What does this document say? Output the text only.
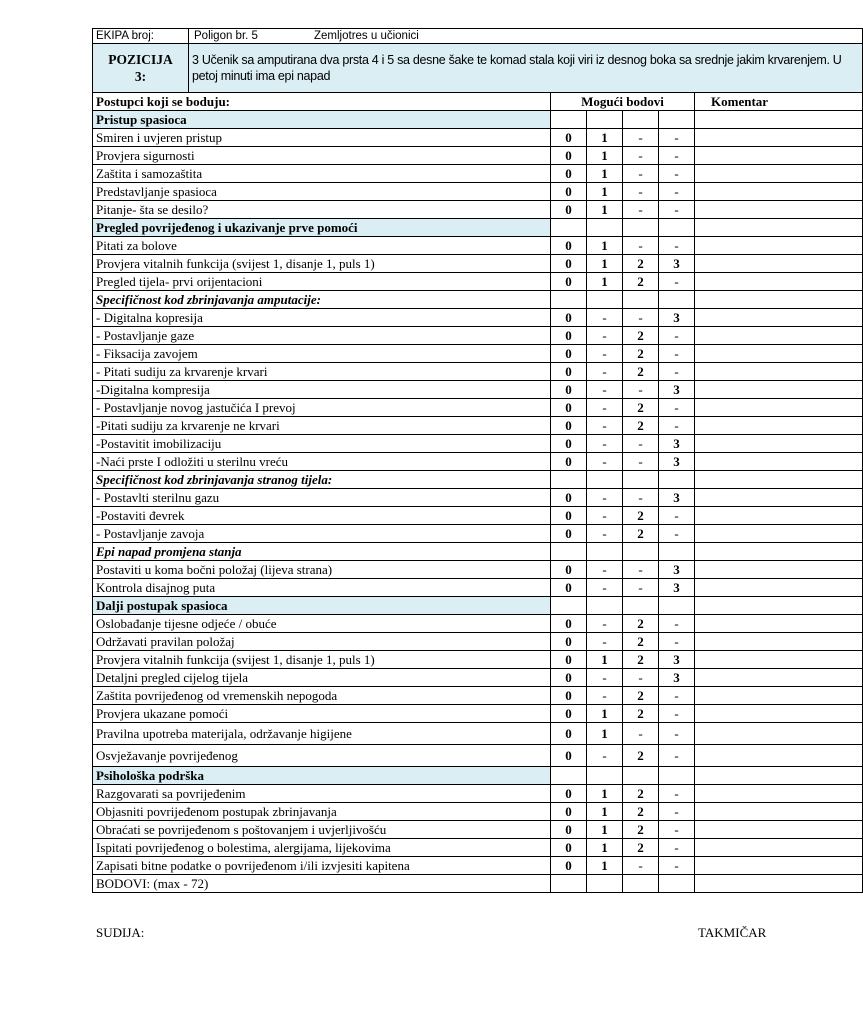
EKIPA broj:	Poligon br. 5 Zemljotres u učionici					

POZICIJA
3:	3 Učenik sa amputirana dva prsta 4 i 5 sa desne šake te komad stala koji viri iz desnog boka sa srednje jakim krvarenjem. U petoj minuti ima epi napad					
Postupci koji se boduju:		Mogući bodovi				Komentar
Pristup spasioca						
Smiren i uvjeren pristup		0	1	-	-	
Provjera sigurnosti		0	1	-	-	
Zaštita i samozaštita		0	1	-	-	
Predstavljanje spasioca		0	1	-	-	
Pitanje- šta se desilo?		0	1	-	-	
Pregled povrijeđenog i ukazivanje prve pomoći						
Pitati za bolove		0	1	-	-	
Provjera vitalnih funkcija (svijest 1, disanje 1, puls 1)		0	1	2	3	
Pregled tijela- prvi orijentacioni		0	1	2	-	
Specifičnost kod zbrinjavanja amputacije:						
- Digitalna kopresija		0	-	-	3	
- Postavljanje gaze		0	-	2	-	
- Fiksacija zavojem		0	-	2	-	
- Pitati sudiju za krvarenje krvari		0	-	2	-	
-Digitalna kompresija		0	-	-	3	
- Postavljanje novog jastučića I prevoj		0	-	2	-	
-Pitati sudiju za krvarenje ne krvari		0	-	2	-	
-Postavitit imobilizaciju		0	-	-	3	
-Naći prste I odložiti u sterilnu vreću		0	-	-	3	
Specifičnost kod zbrinjavanja stranog tijela:						
- Postavlti sterilnu gazu		0	-	-	3	
-Postaviti đevrek		0	-	2	-	
- Postavljanje zavoja		0	-	2	-	
Epi napad promjena stanja						
Postaviti u koma bočni položaj (lijeva strana)		0	-	-	3	
Kontrola disajnog puta		0	-	-	3	
Dalji postupak spasioca						
Oslobađanje tijesne odjeće / obuće		0	-	2	-	
Održavati pravilan položaj		0	-	2	-	
Provjera vitalnih funkcija (svijest 1, disanje 1, puls 1)		0	1	2	3	
Detaljni pregled cijelog tijela		0	-	-	3	
Zaštita povrijeđenog od vremenskih nepogoda		0	-	2	-	
Provjera ukazane pomoći		0	1	2	-	
Pravilna upotreba materijala, održavanje higijene		0	1	-	-	
Osvježavanje povrijeđenog		0	-	2	-	
Psihološka podrška						
Razgovarati sa povrijeđenim		0	1	2	-	
Objasniti povrijeđenom postupak zbrinjavanja		0	1	2	-	
Obraćati se povrijeđenom s poštovanjem i uvjerljivošću		0	1	2	-	
Ispitati povrijeđenog o bolestima, alergijama, lijekovima		0	1	2	-	
Zapisati bitne podatke o povrijeđenom i/ili izvjesiti kapitena		0	1	-	-	
BODOVI: (max - 72)						
SUDIJA:	TAKMIČAR
